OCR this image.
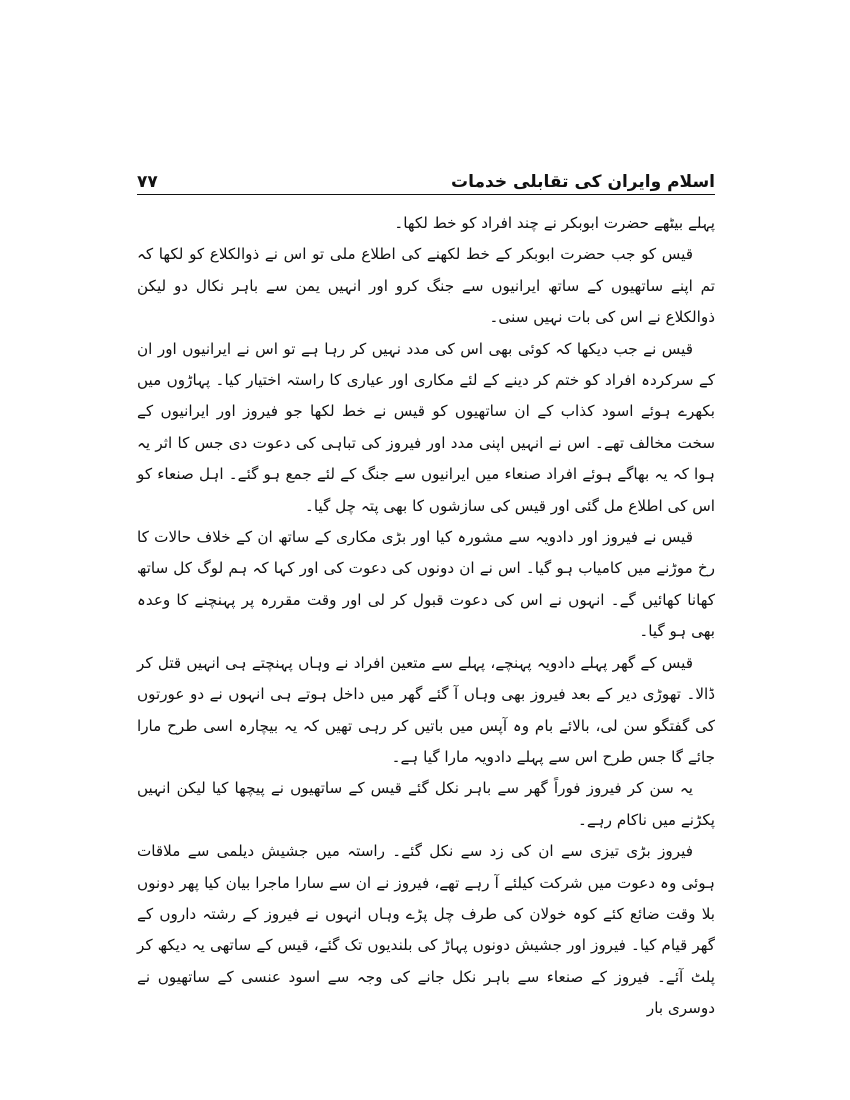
اسلام وایران کی تقابلی خدمات
۷۷

پہلے بیٹھے حضرت ابوبکر نے چند افراد کو خط لکھا۔

قیس کو جب حضرت ابوبکر کے خط لکھنے کی اطلاع ملی تو اس نے ذوالکلاع کو لکھا کہ تم اپنے ساتھیوں کے ساتھ ایرانیوں سے جنگ کرو اور انہیں یمن سے باہر نکال دو لیکن ذوالکلاع نے اس کی بات نہیں سنی۔

قیس نے جب دیکھا کہ کوئی بھی اس کی مدد نہیں کر رہا ہے تو اس نے ایرانیوں اور ان کے سرکردہ افراد کو ختم کر دینے کے لئے مکاری اور عیاری کا راستہ اختیار کیا۔ پہاڑوں میں بکھرے ہوئے اسود کذاب کے ان ساتھیوں کو قیس نے خط لکھا جو فیروز اور ایرانیوں کے سخت مخالف تھے۔ اس نے انہیں اپنی مدد اور فیروز کی تباہی کی دعوت دی جس کا اثر یہ ہوا کہ یہ بھاگے ہوئے افراد صنعاء میں ایرانیوں سے جنگ کے لئے جمع ہو گئے۔ اہل صنعاء کو اس کی اطلاع مل گئی اور قیس کی سازشوں کا بھی پتہ چل گیا۔

قیس نے فیروز اور دادویہ سے مشورہ کیا اور بڑی مکاری کے ساتھ ان کے خلاف حالات کا رخ موڑنے میں کامیاب ہو گیا۔ اس نے ان دونوں کی دعوت کی اور کہا کہ ہم لوگ کل ساتھ کھانا کھائیں گے۔ انہوں نے اس کی دعوت قبول کر لی اور وقت مقررہ پر پہنچنے کا وعدہ بھی ہو گیا۔

قیس کے گھر پہلے دادویہ پہنچے، پہلے سے متعین افراد نے وہاں پہنچتے ہی انہیں قتل کر ڈالا۔ تھوڑی دیر کے بعد فیروز بھی وہاں آ گئے گھر میں داخل ہوتے ہی انہوں نے دو عورتوں کی گفتگو سن لی، بالائے بام وہ آپس میں باتیں کر رہی تھیں کہ یہ بیچارہ اسی طرح مارا جائے گا جس طرح اس سے پہلے دادویہ مارا گیا ہے۔

یہ سن کر فیروز فوراً گھر سے باہر نکل گئے قیس کے ساتھیوں نے پیچھا کیا لیکن انہیں پکڑنے میں ناکام رہے۔

فیروز بڑی تیزی سے ان کی زد سے نکل گئے۔ راستہ میں جشیش دیلمی سے ملاقات ہوئی وہ دعوت میں شرکت کیلئے آ رہے تھے، فیروز نے ان سے سارا ماجرا بیان کیا پھر دونوں بلا وقت ضائع کئے کوہ خولان کی طرف چل پڑے وہاں انہوں نے فیروز کے رشتہ داروں کے گھر قیام کیا۔ فیروز اور جشیش دونوں پہاڑ کی بلندیوں تک گئے، قیس کے ساتھی یہ دیکھ کر پلٹ آئے۔ فیروز کے صنعاء سے باہر نکل جانے کی وجہ سے اسود عنسی کے ساتھیوں نے دوسری بار
